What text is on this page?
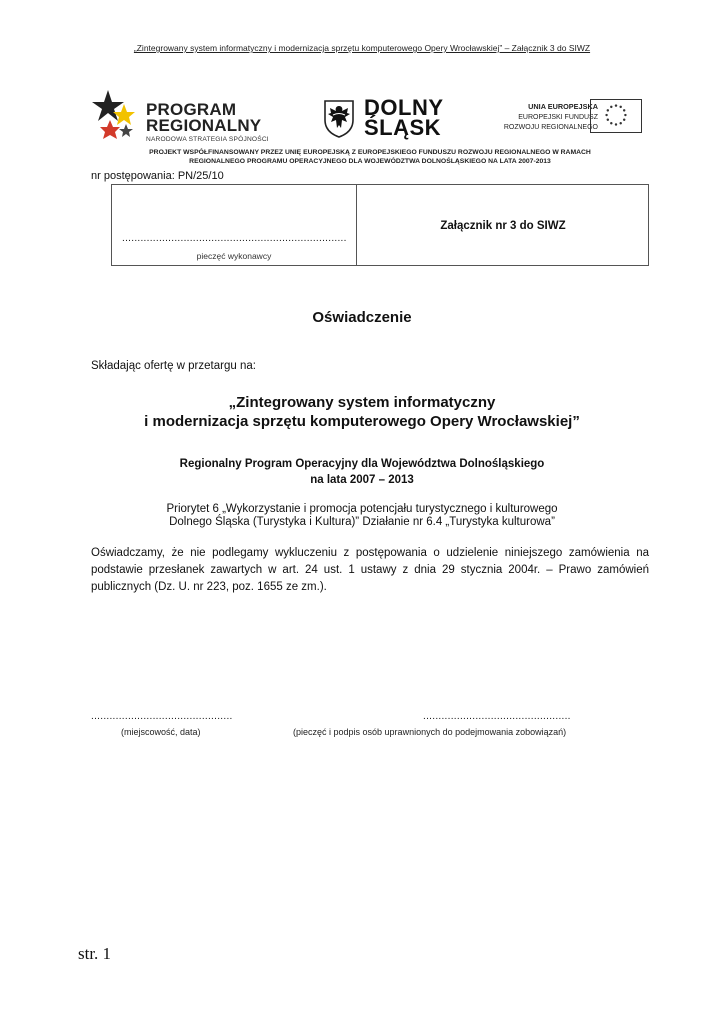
„Zintegrowany system informatyczny i modernizacja sprzętu komputerowego Opery Wrocławskiej” – Załącznik 3 do SIWZ
PROGRAM
REGIONALNY
NARODOWA STRATEGIA SPÓJNOŚCI
DOLNY
ŚLĄSK
UNIA EUROPEJSKA
EUROPEJSKI FUNDUSZ
ROZWOJU REGIONALNEGO
PROJEKT WSPÓŁFINANSOWANY PRZEZ UNIĘ EUROPEJSKĄ Z EUROPEJSKIEGO FUNDUSZU ROZWOJU REGIONALNEGO W RAMACH
REGIONALNEGO PROGRAMU OPERACYJNEGO DLA WOJEWÓDZTWA DOLNOŚLĄSKIEGO NA LATA 2007-2013
nr postępowania: PN/25/10
.........................................................................
pieczęć wykonawcy
Załącznik nr 3 do SIWZ
Oświadczenie
Składając ofertę w przetargu na:
„Zintegrowany system informatyczny
i modernizacja sprzętu komputerowego Opery Wrocławskiej”
Regionalny Program Operacyjny dla Województwa Dolnośląskiego
na lata 2007 – 2013
Priorytet 6 „Wykorzystanie i promocja potencjału turystycznego i kulturowego
Dolnego Śląska (Turystyka i Kultura)” Działanie nr 6.4 „Turystyka kulturowa”
Oświadczamy, że nie podlegamy wykluczeniu z postępowania o udzielenie niniejszego zamówienia na podstawie przesłanek zawartych w art. 24 ust. 1 ustawy z dnia 29 stycznia 2004r. – Prawo zamówień publicznych (Dz. U. nr 223, poz. 1655 ze zm.).
..............................................	................................................
(miejscowość, data)	(pieczęć i podpis osób uprawnionych do podejmowania zobowiązań)
str. 1
